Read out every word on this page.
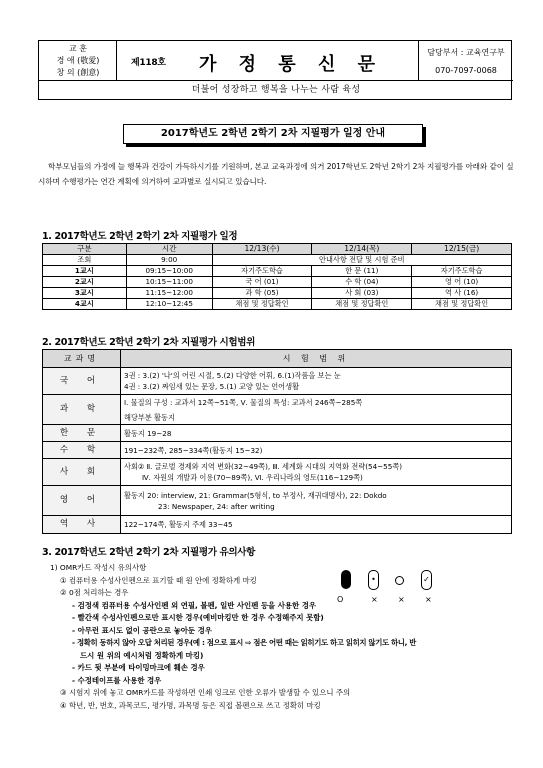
교 훈
경 애 (敬愛)
창 의 (創意)
제118호 가 정 통 신 문
담당부서 : 교육연구부
070-7097-0068
더불어 성장하고 행복을 나누는 사람 육성
2017학년도 2학년 2학기 2차 지필평가 일정 안내
학부모님들의 가정에 늘 행복과 건강이 가득하시기를 기원하며, 본교 교육과정에 의거 2017학년도 2학년 2학기 2차 지필평가를 아래와 같이 실시하며 수행평가는 연간 계획에 의거하여 교과별로 실시되고 있습니다.
1. 2017학년도 2학년 2학기 2차 지필평가 일정
구분	시간	12/13(수)	12/14(목)	12/15(금)
조회	9:00	안내사항 전달 및 시험 준비		
1교시	09:15~10:00	자기주도학습	한 문 (11)	자기주도학습
2교시	10:15~11:00	국 어 (01)	수 학 (04)	영 어 (10)
3교시	11:15~12:00	과 학 (05)	사 회 (03)	역 사 (16)
4교시	12:10~12:45	채점 및 정답확인	채점 및 정답확인	채점 및 정답확인
2. 2017학년도 2학년 2학기 2차 지필평가 시험범위
교과명	시 험 범 위
국 어	3권 : 3.(2) '나'의 어린 시절, 5.(2) 다양한 어휘, 6.(1)작품을 보는 눈
4권 : 3.(2) 짜임새 있는 문장, 5.(1) 교양 있는 언어생활

과 학	Ⅰ. 물질의 구성 : 교과서 12쪽~51쪽, Ⅴ. 물질의 특성: 교과서 246쪽~285쪽
해당부분 활동지

한 문	활동지 19~28

수 학	191~232쪽, 285~334쪽(활동지 15~32)

사 회	사회② Ⅱ. 글로벌 경제와 지역 변화(32~49쪽), Ⅲ. 세계화 시대의 지역화 전략(54~55쪽)
Ⅳ. 자원의 개발과 이용(70~89쪽), Ⅵ. 우리나라의 영토(116~129쪽)

영 어	활동지 20: interview, 21: Grammar(5형식, to 부정사, 재귀대명사), 22: Dokdo
23: Newspaper, 24: after writing

역 사	122~174쪽, 활동지 주제 33~45
3. 2017학년도 2학년 2학기 2차 지필평가 유의사항
1) OMR카드 작성시 유의사항
① 컴퓨터용 수성사인펜으로 표기할 때 원 안에 정확하게 마킹
② 0점 처리하는 경우
- 검정색 컴퓨터용 수성사인펜 외 연필, 볼펜, 일반 사인펜 등을 사용한 경우
- 빨간색 수성사인펜으로만 표시한 경우(예비마킹만 한 경우 수정해주지 못함)
- 아무런 표시도 없이 공란으로 놓아둔 경우
- 정확히 동하지 않아 오답 처리된 경우(예 : 점으로 표시 ⇨ 점은 어떤 때는 읽히기도 하고 읽히지 않기도 하니, 반
드시 원 위의 예시처럼 정확하게 마킹)
- 카드 뒷 부분에 타이밍마크에 훼손 경우
- 수정테이프를 사용한 경우
③ 시험지 위에 놓고 OMR카드를 작성하면 인쇄 잉크로 인한 오류가 발생할 수 있으니 주의
④ 학년, 반, 번호, 과목코드, 평가명, 과목명 등은 직접 볼펜으로 쓰고 정확히 마킹
•	✓
O	×	×	×
